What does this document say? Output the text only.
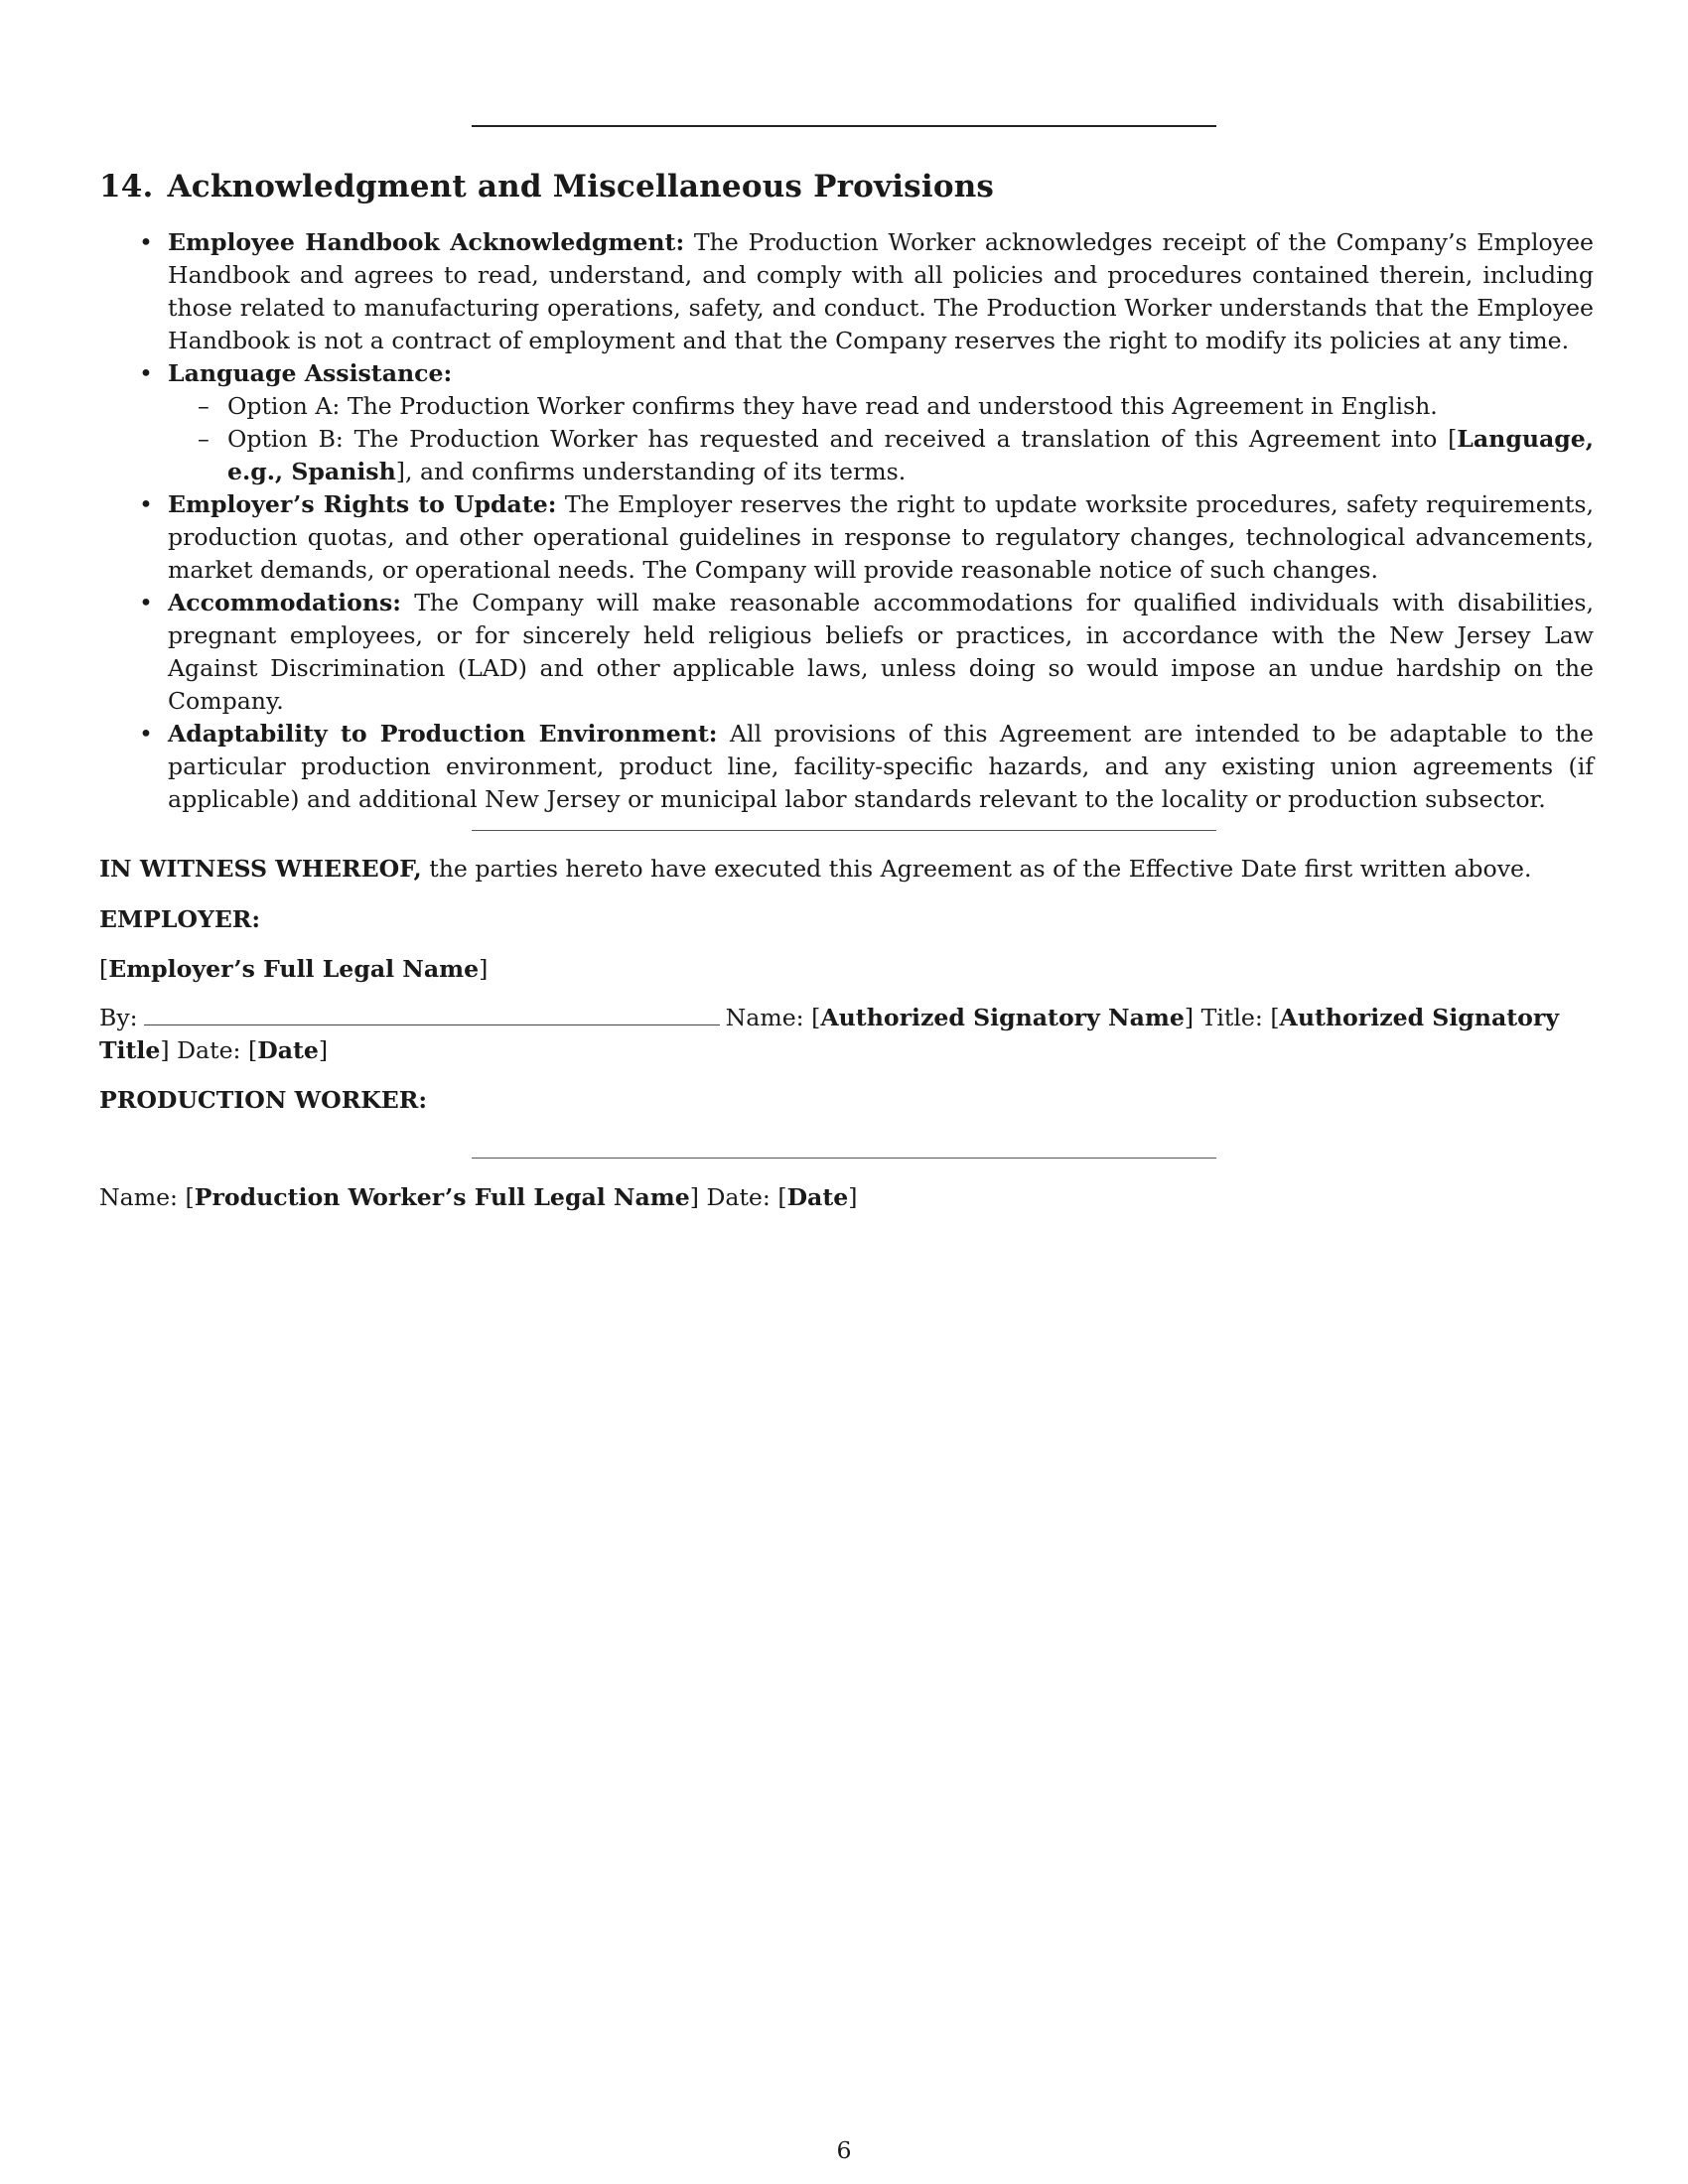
14. Acknowledgment and Miscellaneous Provisions
• Employee Handbook Acknowledgment: The Production Worker acknowledges receipt of the Company’s Employee Handbook and agrees to read, understand, and comply with all policies and procedures contained therein, including those related to manufacturing operations, safety, and conduct. The Production Worker understands that the Employee Handbook is not a contract of employment and that the Company reserves the right to modify its policies at any time.
• Language Assistance:
– Option A: The Production Worker confirms they have read and understood this Agreement in English.
– Option B: The Production Worker has requested and received a translation of this Agreement into [Language, e.g., Spanish], and confirms understanding of its terms.
• Employer’s Rights to Update: The Employer reserves the right to update worksite procedures, safety requirements, production quotas, and other operational guidelines in response to regulatory changes, technological advancements, market demands, or operational needs. The Company will provide reasonable notice of such changes.
• Accommodations: The Company will make reasonable accommodations for qualified individuals with disabilities, pregnant employees, or for sincerely held religious beliefs or practices, in accordance with the New Jersey Law Against Discrimination (LAD) and other applicable laws, unless doing so would impose an undue hardship on the Company.
• Adaptability to Production Environment: All provisions of this Agreement are intended to be adaptable to the particular production environment, product line, facility-specific hazards, and any existing union agreements (if applicable) and additional New Jersey or municipal labor standards relevant to the locality or production subsector.
IN WITNESS WHEREOF, the parties hereto have executed this Agreement as of the Effective Date first written above.
EMPLOYER:
[Employer’s Full Legal Name]
By:	Name: [Authorized Signatory Name] Title: [Authorized Signatory Title] Date: [Date]
PRODUCTION WORKER:
Name: [Production Worker’s Full Legal Name] Date: [Date]
6
